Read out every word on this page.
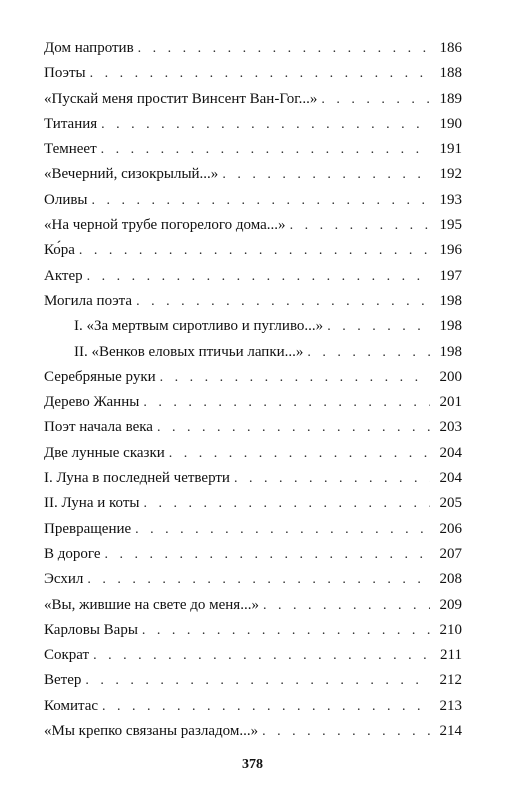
Дом напротив . . .	186
Поэты . . .	188
«Пускай меня простит Винсент Ван-Гог...» . . .	189
Титания . . .	190
Темнеет . . .	191
«Вечерний, сизокрылый...» . . .	192
Оливы . . .	193
«На черной трубе погорелого дома...» . . .	195
Ко́ра . . .	196
Актер . . .	197
Могила поэта . . .	198
I. «За мертвым сиротливо и пугливо...» . . .	198
II. «Венков еловых птичьи лапки...» . . .	198
Серебряные руки . . .	200
Дерево Жанны . . .	201
Поэт начала века . . .	203
Две лунные сказки . . .	204
I. Луна в последней четверти . . .	204
II. Луна и коты . . .	205
Превращение . . .	206
В дороге . . .	207
Эсхил . . .	208
«Вы, жившие на свете до меня...» . . .	209
Карловы Вары . . .	210
Сократ . . .	211
Ветер . . .	212
Комитас . . .	213
«Мы крепко связаны разладом...» . . .	214
378
